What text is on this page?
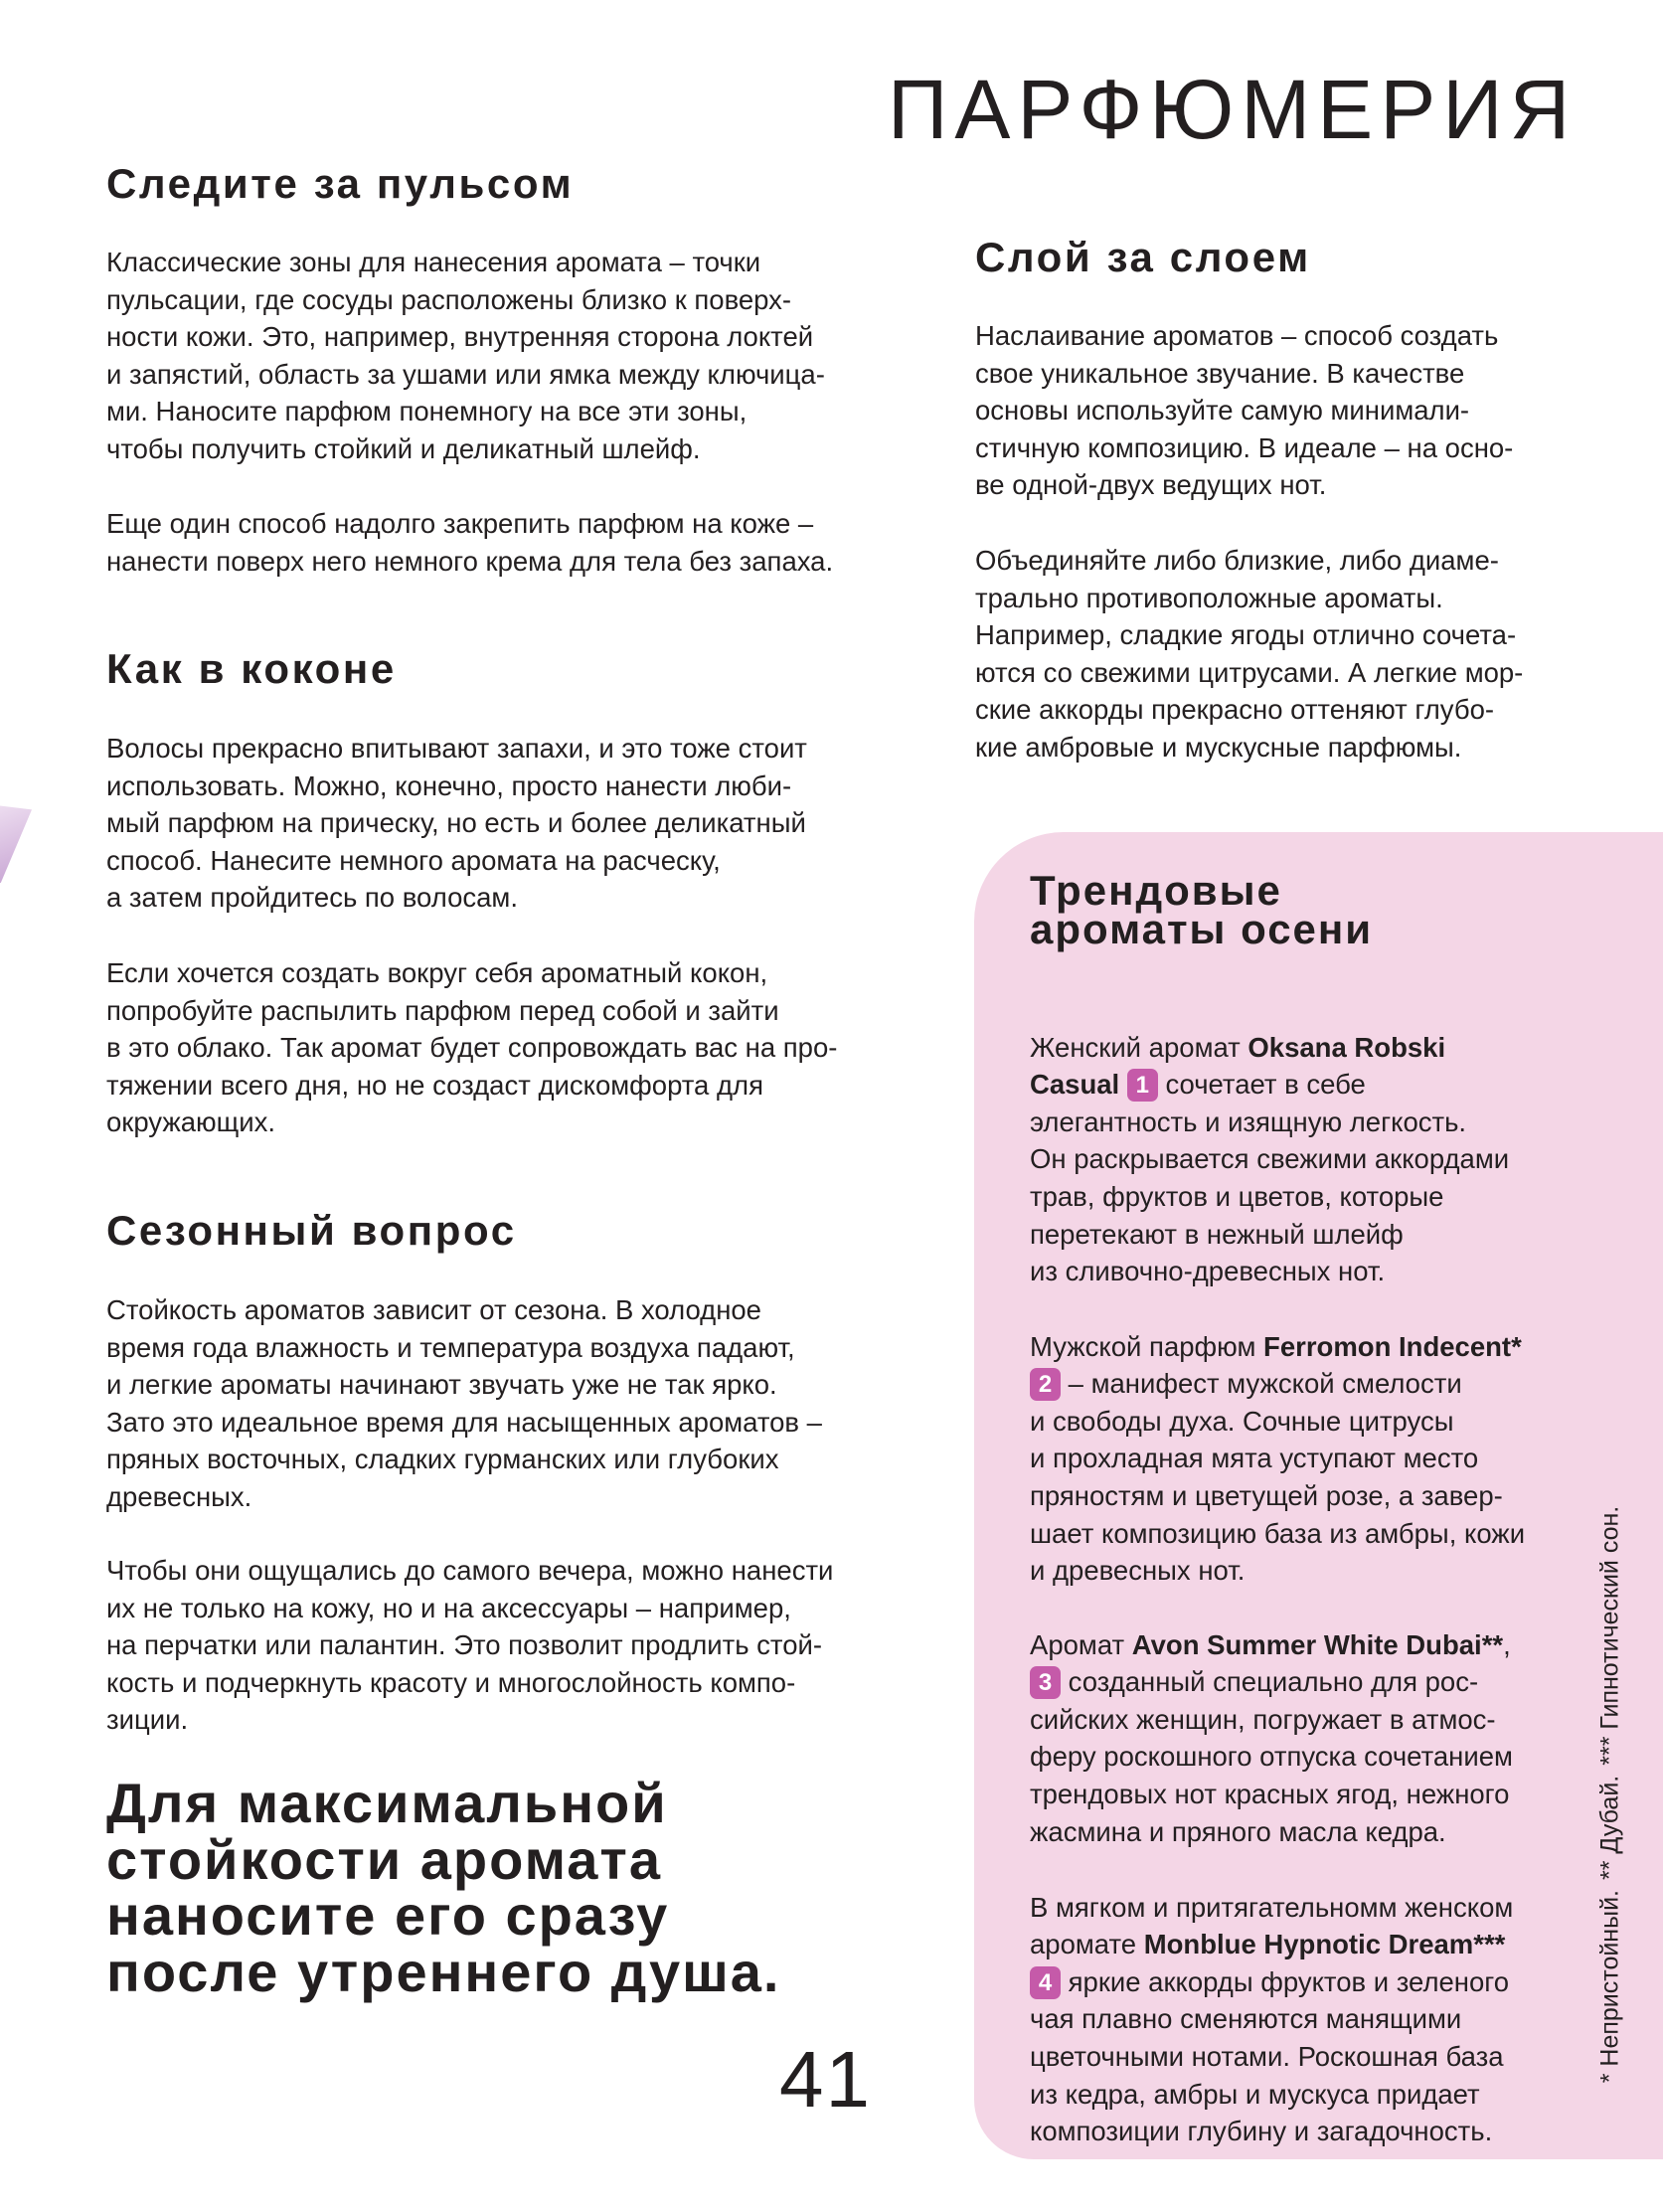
ПАРФЮМЕРИЯ
Следите за пульсом
Классические зоны для нанесения аромата – точки
пульсации, где сосуды расположены близко к поверх-
ности кожи. Это, например, внутренняя сторона локтей
и запястий, область за ушами или ямка между ключица-
ми. Наносите парфюм понемногу на все эти зоны,
чтобы получить стойкий и деликатный шлейф.
Еще один способ надолго закрепить парфюм на коже –
нанести поверх него немного крема для тела без запаха.
Как в коконе
Волосы прекрасно впитывают запахи, и это тоже стоит
использовать. Можно, конечно, просто нанести люби-
мый парфюм на прическу, но есть и более деликатный
способ. Нанесите немного аромата на расческу,
а затем пройдитесь по волосам.
Если хочется создать вокруг себя ароматный кокон,
попробуйте распылить парфюм перед собой и зайти
в это облако. Так аромат будет сопровождать вас на про-
тяжении всего дня, но не создаст дискомфорта для
окружающих.
Сезонный вопрос
Стойкость ароматов зависит от сезона. В холодное
время года влажность и температура воздуха падают,
и легкие ароматы начинают звучать уже не так ярко.
Зато это идеальное время для насыщенных ароматов –
пряных восточных, сладких гурманских или глубоких
древесных.
Чтобы они ощущались до самого вечера, можно нанести
их не только на кожу, но и на аксессуары – например,
на перчатки или палантин. Это позволит продлить стой-
кость и подчеркнуть красоту и многослойность компо-
зиции.
Для максимальной
стойкости аромата
наносите его сразу
после утреннего душа.
41
Слой за слоем
Наслаивание ароматов – способ создать
свое уникальное звучание. В качестве
основы используйте самую минимали-
стичную композицию. В идеале – на осно-
ве одной-двух ведущих нот.
Объединяйте либо близкие, либо диаме-
трально противоположные ароматы.
Например, сладкие ягоды отлично сочета-
ются со свежими цитрусами. А легкие мор-
ские аккорды прекрасно оттеняют глубо-
кие амбровые и мускусные парфюмы.
Трендовые
ароматы осени

Женский аромат Oksana Robski
Casual 1 сочетает в себе
элегантность и изящную легкость.
Он раскрывается свежими аккордами
трав, фруктов и цветов, которые
перетекают в нежный шлейф
из сливочно-древесных нот.

Мужской парфюм Ferromon Indecent*
2 – манифест мужской смелости
и свободы духа. Сочные цитрусы
и прохладная мята уступают место
пряностям и цветущей розе, а завер-
шает композицию база из амбры, кожи
и древесных нот.

Аромат Avon Summer White Dubai**,
3 созданный специально для рос-
сийских женщин, погружает в атмос-
феру роскошного отпуска сочетанием
трендовых нот красных ягод, нежного
жасмина и пряного масла кедра.

В мягком и притягательномм женском
аромате Monblue Hypnotic Dream***
4 яркие аккорды фруктов и зеленого
чая плавно сменяются манящими
цветочными нотами. Роскошная база
из кедра, амбры и мускуса придает
композиции глубину и загадочность.

* Непристойный.** Дубай.*** Гипнотический сон.
